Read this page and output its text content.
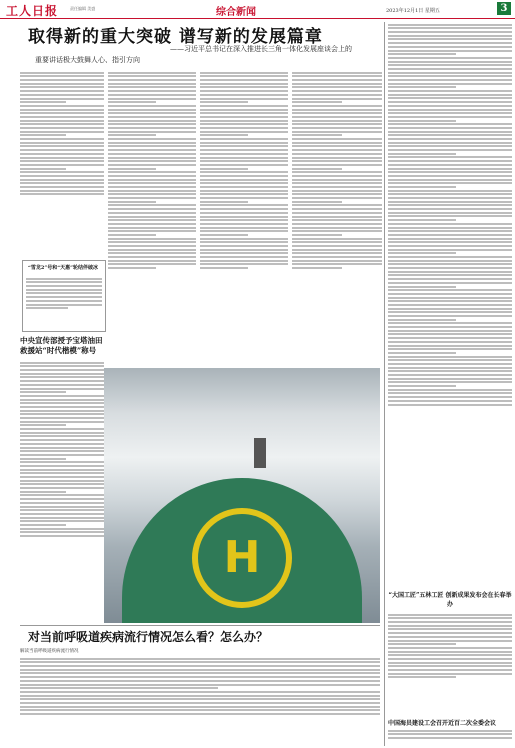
工人日报	责任编辑 美盛	综合新闻	2023年12月1日 星期五	3
取得新的重大突破 谱写新的发展篇章
——习近平总书记在深入推进长三角一体化发展座谈会上的
重要讲话极大鼓舞人心、指引方向
“雪龙2”号和“天惠”轮结伴破冰
中央宣传部授予宝塔油田救援站“时代楷模”称号
H
“大国工匠”五林工匠 创新成果发布会在长春举办
对当前呼吸道疾病流行情况怎么看？怎么办？
解读当前呼吸道疾病流行情况
中国海员建设工会召开近百二次全委会议
